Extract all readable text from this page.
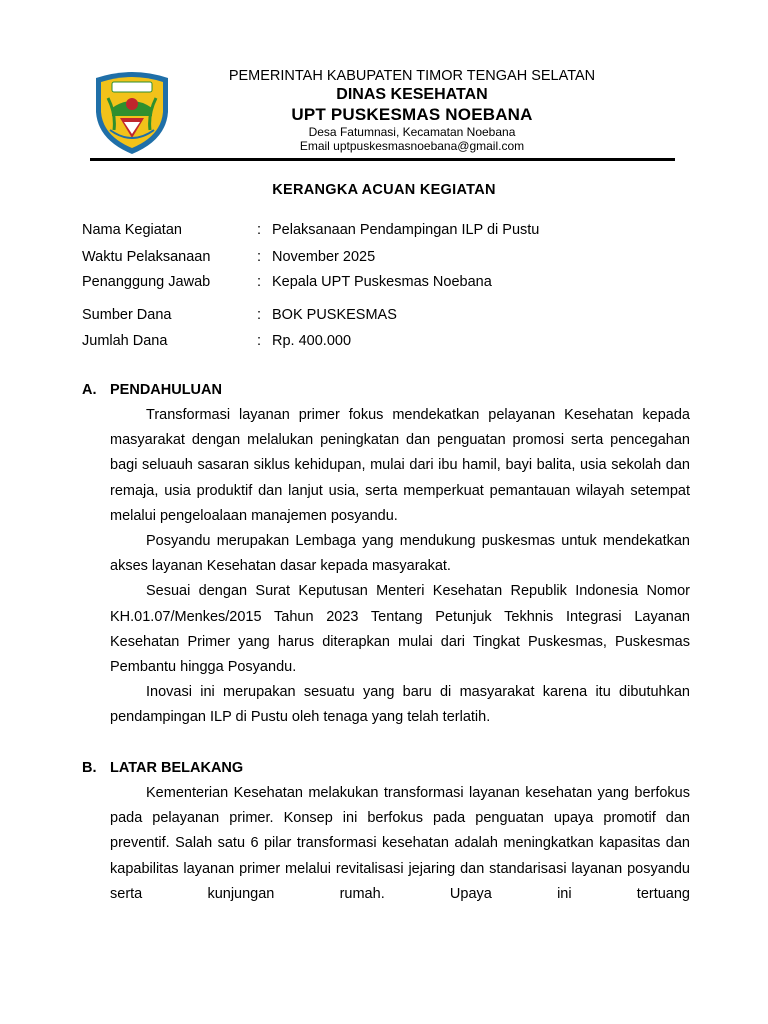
PEMERINTAH KABUPATEN TIMOR TENGAH SELATAN
DINAS KESEHATAN
UPT PUSKESMAS NOEBANA
Desa Fatumnasi, Kecamatan Noebana
Email uptpuskesmasnoebana@gmail.com
KERANGKA ACUAN KEGIATAN
Nama Kegiatan	: Pelaksanaan Pendampingan ILP di Pustu
Waktu Pelaksanaan	: November 2025
Penanggung Jawab	: Kepala UPT Puskesmas Noebana
Sumber Dana	: BOK PUSKESMAS
Jumlah Dana	: Rp. 400.000
A. PENDAHULUAN

Transformasi layanan primer fokus mendekatkan pelayanan Kesehatan kepada masyarakat dengan melalukan peningkatan dan penguatan promosi serta pencegahan bagi seluauh sasaran siklus kehidupan, mulai dari ibu hamil, bayi balita, usia sekolah dan remaja, usia produktif dan lanjut usia, serta memperkuat pemantauan wilayah setempat melalui pengeloalaan manajemen posyandu.

Posyandu merupakan Lembaga yang mendukung puskesmas untuk mendekatkan akses layanan Kesehatan dasar kepada masyarakat.

Sesuai dengan Surat Keputusan Menteri Kesehatan Republik Indonesia Nomor KH.01.07/Menkes/2015 Tahun 2023 Tentang Petunjuk Tekhnis Integrasi Layanan Kesehatan Primer yang harus diterapkan mulai dari Tingkat Puskesmas, Puskesmas Pembantu hingga Posyandu.

Inovasi ini merupakan sesuatu yang baru di masyarakat karena itu dibutuhkan pendampingan ILP di Pustu oleh tenaga yang telah terlatih.

B. LATAR BELAKANG

Kementerian Kesehatan melakukan transformasi layanan kesehatan yang berfokus pada pelayanan primer. Konsep ini berfokus pada penguatan upaya promotif dan preventif. Salah satu 6 pilar transformasi kesehatan adalah meningkatkan kapasitas dan kapabilitas layanan primer melalui revitalisasi jejaring dan standarisasi layanan posyandu serta kunjungan rumah. Upaya ini tertuang
